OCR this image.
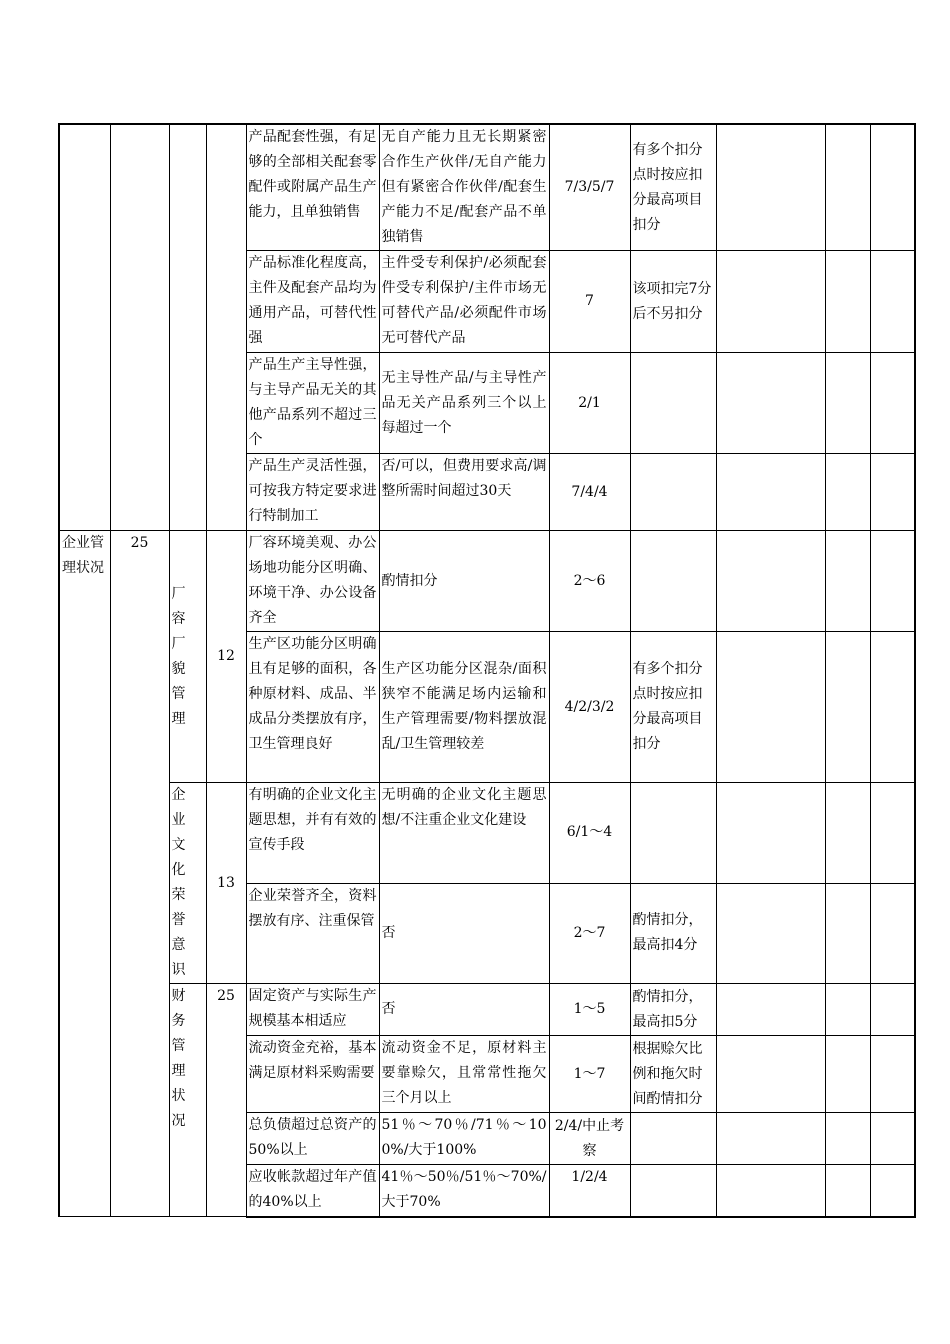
				产品配套性强，有足够的全部相关配套零配件或附属产品生产能力，且单独销售	无自产能力且无长期紧密合作生产伙伴/无自产能力但有紧密合作伙伴/配套生产能力不足/配套产品不单独销售	7/3/5/7	有多个扣分点时按应扣分最高项目扣分			
				产品标准化程度高，主件及配套产品均为通用产品，可替代性强	主件受专利保护/必须配套件受专利保护/主件市场无可替代产品/必须配件市场无可替代产品	7	该项扣完7分后不另扣分			
				产品生产主导性强，与主导产品无关的其他产品系列不超过三个	无主导性产品/与主导性产品无关产品系列三个以上每超过一个	2/1				
				产品生产灵活性强，可按我方特定要求进行特制加工	否/可以，但费用要求高/调整所需时间超过30天	7/4/4				
企业管理状况	25	厂容厂貌管理	12	厂容环境美观、办公场地功能分区明确、环境干净、办公设备齐全	酌情扣分	2～6				
				生产区功能分区明确且有足够的面积，各种原材料、成品、半成品分类摆放有序，卫生管理良好	生产区功能分区混杂/面积狭窄不能满足场内运输和生产管理需要/物料摆放混乱/卫生管理较差	4/2/3/2	有多个扣分点时按应扣分最高项目扣分			
		企业文化荣誉意识	13	有明确的企业文化主题思想，并有有效的宣传手段	无明确的企业文化主题思想/不注重企业文化建设	6/1～4				
				企业荣誉齐全，资料摆放有序、注重保管	否	2～7	酌情扣分，最高扣4分			
		财务管理状况	25	固定资产与实际生产规模基本相适应	否	1～5	酌情扣分，最高扣5分			
				流动资金充裕，基本满足原材料采购需要	流动资金不足，原材料主要靠赊欠，且常常性拖欠三个月以上	1～7	根据赊欠比例和拖欠时间酌情扣分			
				总负债超过总资产的50%以上	51％～70％/71％～100%/大于100%	2/4/中止考察				
				应收帐款超过年产值的40%以上	41％～50％/51％～70%/大于70%	1/2/4				
